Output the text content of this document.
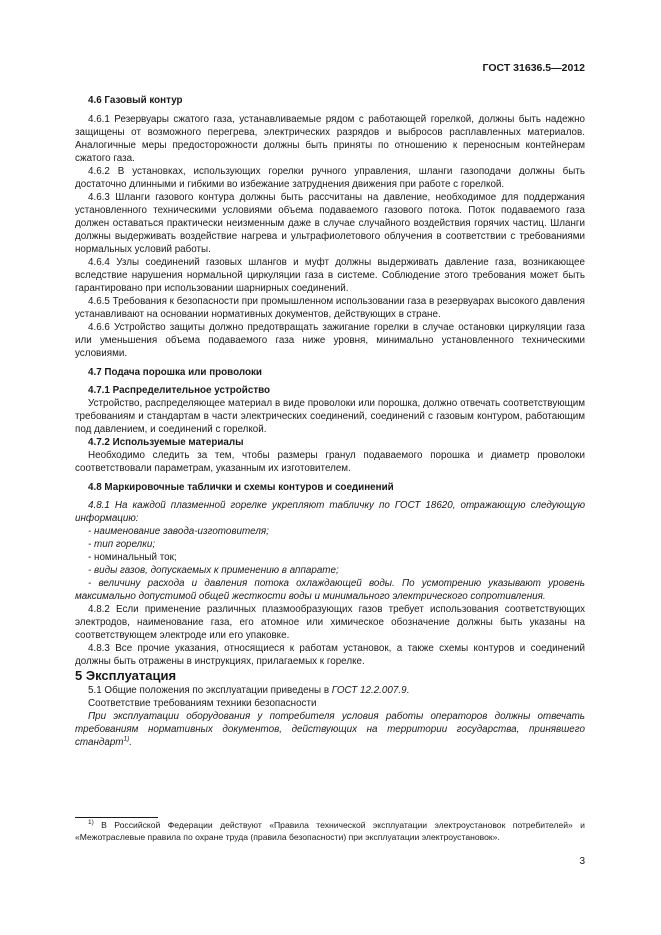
ГОСТ 31636.5—2012

4.6 Газовый контур

4.6.1 Резервуары сжатого газа, устанавливаемые рядом с работающей горелкой, должны быть надежно защищены от возможного перегрева, электрических разрядов и выбросов расплавленных материалов. Аналогичные меры предосторожности должны быть приняты по отношению к переносным контейнерам сжатого газа.

4.6.2 В установках, использующих горелки ручного управления, шланги газоподачи должны быть достаточно длинными и гибкими во избежание затруднения движения при работе с горелкой.

4.6.3 Шланги газового контура должны быть рассчитаны на давление, необходимое для поддержания установленного техническими условиями объема подаваемого газового потока. Поток подаваемого газа должен оставаться практически неизменным даже в случае случайного воздействия горячих частиц. Шланги должны выдерживать воздействие нагрева и ультрафиолетового облучения в соответствии с требованиями нормальных условий работы.

4.6.4 Узлы соединений газовых шлангов и муфт должны выдерживать давление газа, возникающее вследствие нарушения нормальной циркуляции газа в системе. Соблюдение этого требования может быть гарантировано при использовании шарнирных соединений.

4.6.5 Требования к безопасности при промышленном использовании газа в резервуарах высокого давления устанавливают на основании нормативных документов, действующих в стране.

4.6.6 Устройство защиты должно предотвращать зажигание горелки в случае остановки циркуляции газа или уменьшения объема подаваемого газа ниже уровня, минимально установленного техническими условиями.

4.7 Подача порошка или проволоки

4.7.1 Распределительное устройство

Устройство, распределяющее материал в виде проволоки или порошка, должно отвечать соответствующим требованиям и стандартам в части электрических соединений, соединений с газовым контуром, работающим под давлением, и соединений с горелкой.

4.7.2 Используемые материалы

Необходимо следить за тем, чтобы размеры гранул подаваемого порошка и диаметр проволоки соответствовали параметрам, указанным их изготовителем.

4.8 Маркировочные таблички и схемы контуров и соединений

4.8.1 На каждой плазменной горелке укрепляют табличку по ГОСТ 18620, отражающую следующую информацию:

- наименование завода-изготовителя;

- тип горелки;

- номинальный ток;

- виды газов, допускаемых к применению в аппарате;

- величину расхода и давления потока охлаждающей воды. По усмотрению указывают уровень максимально допустимой общей жесткости воды и минимального электрического сопротивления.

4.8.2 Если применение различных плазмообразующих газов требует использования соответствующих электродов, наименование газа, его атомное или химическое обозначение должны быть указаны на соответствующем электроде или его упаковке.

4.8.3 Все прочие указания, относящиеся к работам установок, а также схемы контуров и соединений должны быть отражены в инструкциях, прилагаемых к горелке.

5 Эксплуатация

5.1 Общие положения по эксплуатации приведены в ГОСТ 12.2.007.9.

Соответствие требованиям техники безопасности

При эксплуатации оборудования у потребителя условия работы операторов должны отвечать требованиям нормативных документов, действующих на территории государства, принявшего стандарт$^{1)}$.

$^{1)}$ В Российской Федерации действуют «Правила технической эксплуатации электроустановок потребителей» и «Межотраслевые правила по охране труда (правила безопасности) при эксплуатации электроустановок».
3
